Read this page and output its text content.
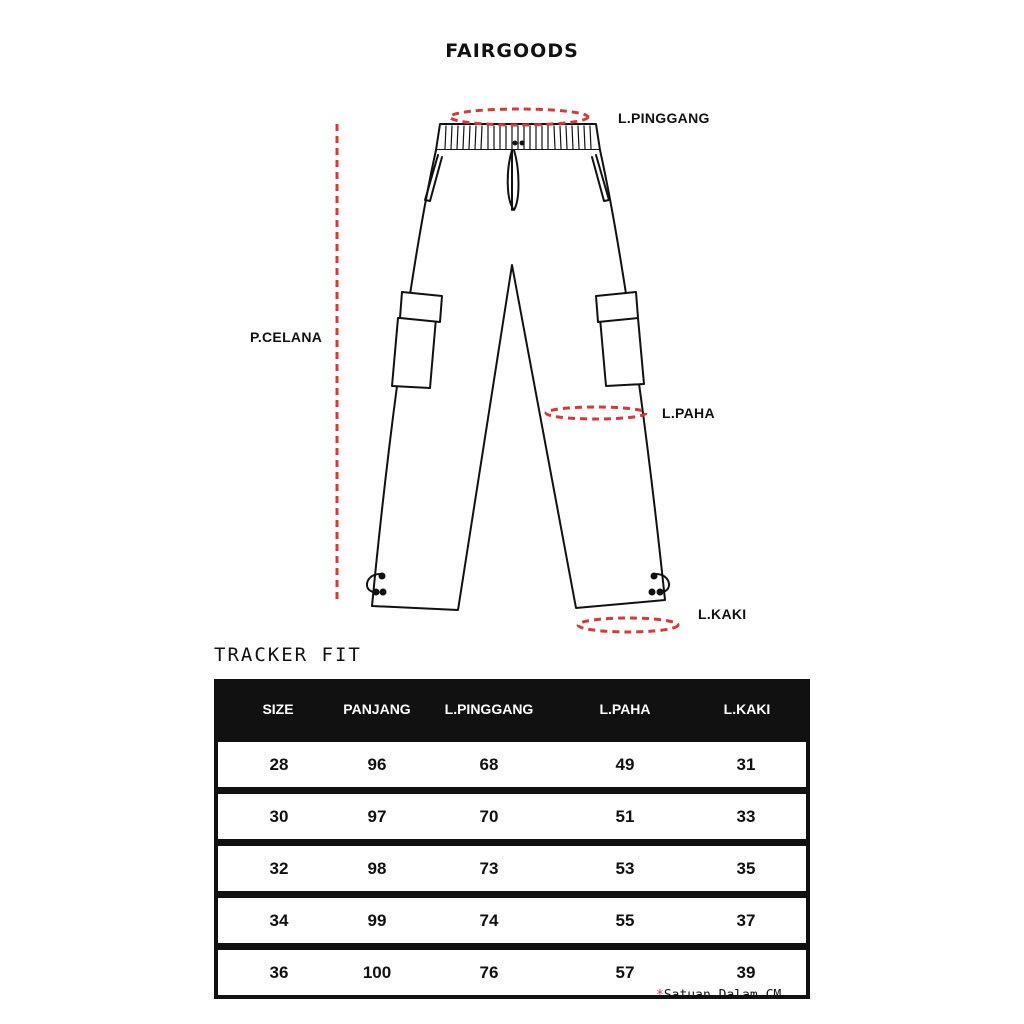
FAIRGOODS
L.PINGGANG
P.CELANA
L.PAHA
L.KAKI
TRACKER FIT
SIZE	PANJANG	L.PINGGANG	L.PAHA	L.KAKI

28	96	68	49	31

30	97	70	51	33

32	98	73	53	35

34	99	74	55	37

36	100	76	57	39
*Satuan Dalam CM
